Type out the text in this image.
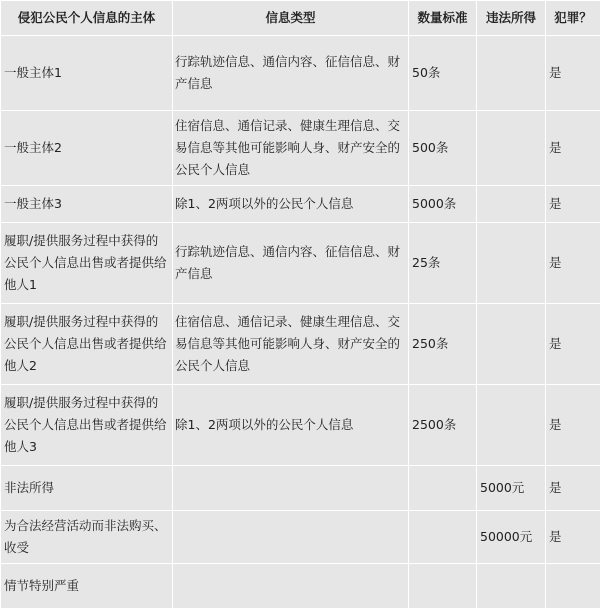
侵犯公民个人信息的主体	信息类型	数量标准	违法所得	犯罪？
一般主体1	行踪轨迹信息、通信内容、征信信息、财产信息	50条		是
一般主体2	住宿信息、通信记录、健康生理信息、交易信息等其他可能影响人身、财产安全的公民个人信息	500条		是
一般主体3	除1、2两项以外的公民个人信息	5000条		是
履职/提供服务过程中获得的公民个人信息出售或者提供给他人1	行踪轨迹信息、通信内容、征信信息、财产信息	25条		是
履职/提供服务过程中获得的公民个人信息出售或者提供给他人2	住宿信息、通信记录、健康生理信息、交易信息等其他可能影响人身、财产安全的公民个人信息	250条		是
履职/提供服务过程中获得的公民个人信息出售或者提供给他人3	除1、2两项以外的公民个人信息	2500条		是
非法所得			5000元	是
为合法经营活动而非法购买、收受			50000元	是
情节特别严重				
